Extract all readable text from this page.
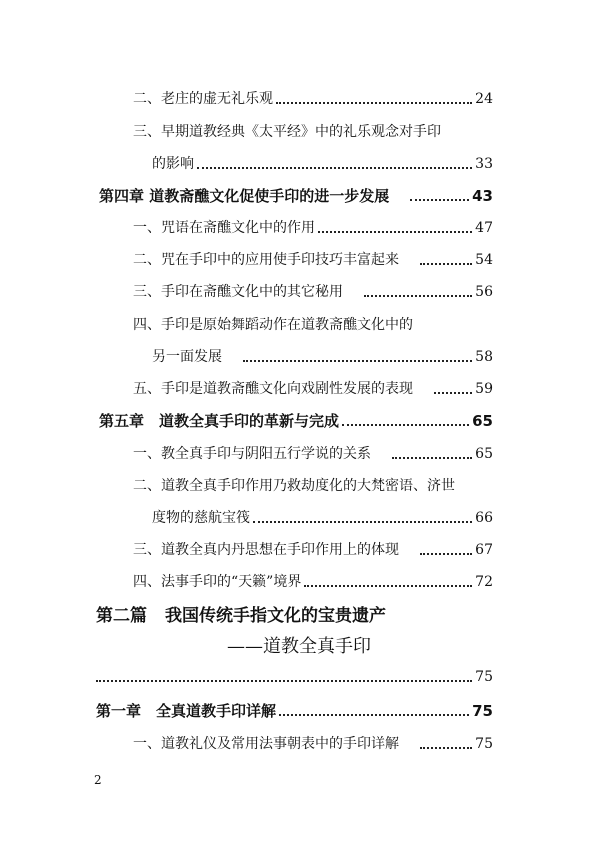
二、老庄的虚无礼乐观	24
三、早期道教经典《太平经》中的礼乐观念对手印
的影响	33
第四章 道教斋醮文化促使手印的进一步发展	43
一、咒语在斋醮文化中的作用	47
二、咒在手印中的应用使手印技巧丰富起来	54
三、手印在斋醮文化中的其它秘用	56
四、手印是原始舞蹈动作在道教斋醮文化中的
另一面发展	58
五、手印是道教斋醮文化向戏剧性发展的表现	59
第五章　道教全真手印的革新与完成	65
一、教全真手印与阴阳五行学说的关系	65
二、道教全真手印作用乃救劫度化的大梵密语、济世
度物的慈航宝筏	66
三、道教全真内丹思想在手印作用上的体现	67
四、法事手印的“天籁”境界	72
第二篇 我国传统手指文化的宝贵遗产
——道教全真手印
75
第一章　全真道教手印详解	75
一、道教礼仪及常用法事朝表中的手印详解	75
2
